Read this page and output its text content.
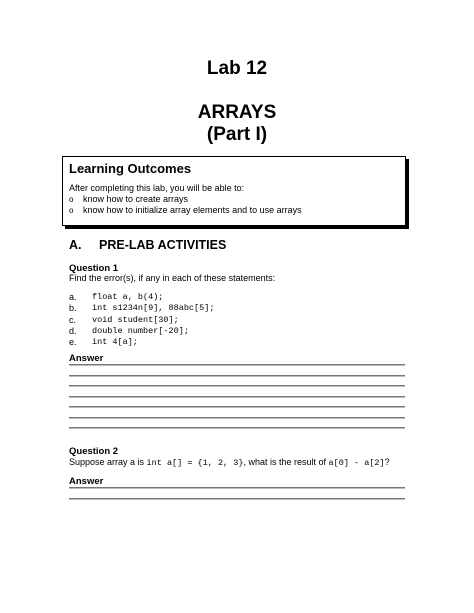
Lab 12
ARRAYS
(Part I)
Learning Outcomes
After completing this lab, you will be able to:
o	know how to create arrays
o	know how to initialize array elements and to use arrays
A.	PRE-LAB ACTIVITIES
Question 1
Find the error(s), if any in each of these statements:
a.	float a, b(4);
b.	int s1234n[9], 88abc[5];
c.	void student[30];
d.	double number[-20];
e.	int 4[a];
Answer
Question 2
Suppose array a is int a[] = {1, 2, 3}, what is the result of a[0] - a[2]?
Answer
